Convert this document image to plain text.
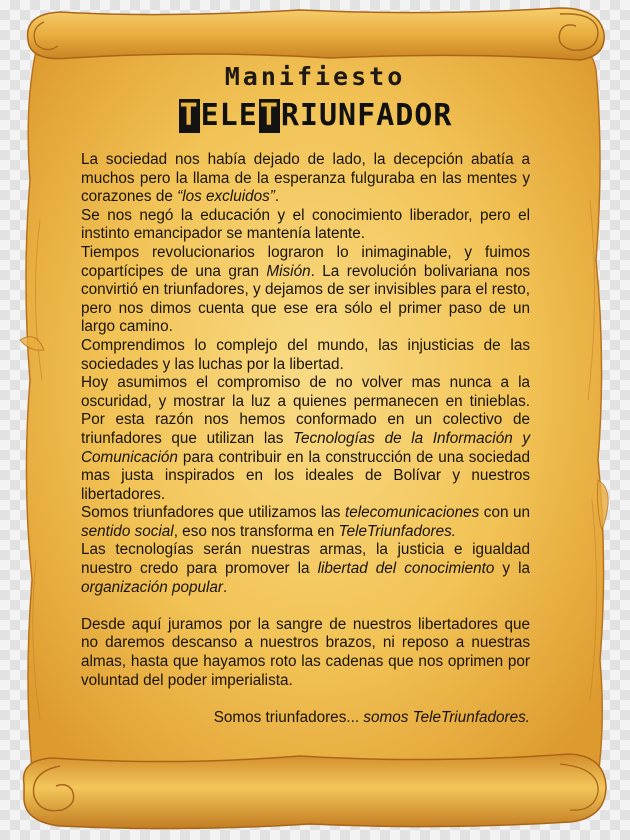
Manifiesto
TELETRIUNFADOR

La sociedad nos había dejado de lado, la decepción abatía a muchos pero la llama de la esperanza fulguraba en las mentes y corazones de “los excluidos”.

Se nos negó la educación y el conocimiento liberador, pero el instinto emancipador se mantenía latente.

Tiempos revolucionarios lograron lo inimaginable, y fuimos copartícipes de una gran Misión. La revolución bolivariana nos convirtió en triunfadores, y dejamos de ser invisibles para el resto, pero nos dimos cuenta que ese era sólo el primer paso de un largo camino.

Comprendimos lo complejo del mundo, las injusticias de las sociedades y las luchas por la libertad.

Hoy asumimos el compromiso de no volver mas nunca a la oscuridad, y mostrar la luz a quienes permanecen en tinieblas. Por esta razón nos hemos conformado en un colectivo de triunfadores que utilizan las Tecnologías de la Información y Comunicación para contribuir en la construcción de una sociedad mas justa inspirados en los ideales de Bolívar y nuestros libertadores.

Somos triunfadores que utilizamos las telecomunicaciones con un sentido social, eso nos transforma en TeleTriunfadores.

Las tecnologías serán nuestras armas, la justicia e igualdad nuestro credo para promover la libertad del conocimiento y la organización popular.

Desde aquí juramos por la sangre de nuestros libertadores que no daremos descanso a nuestros brazos, ni reposo a nuestras almas, hasta que hayamos roto las cadenas que nos oprimen por voluntad del poder imperialista.

Somos triunfadores... somos TeleTriunfadores.
